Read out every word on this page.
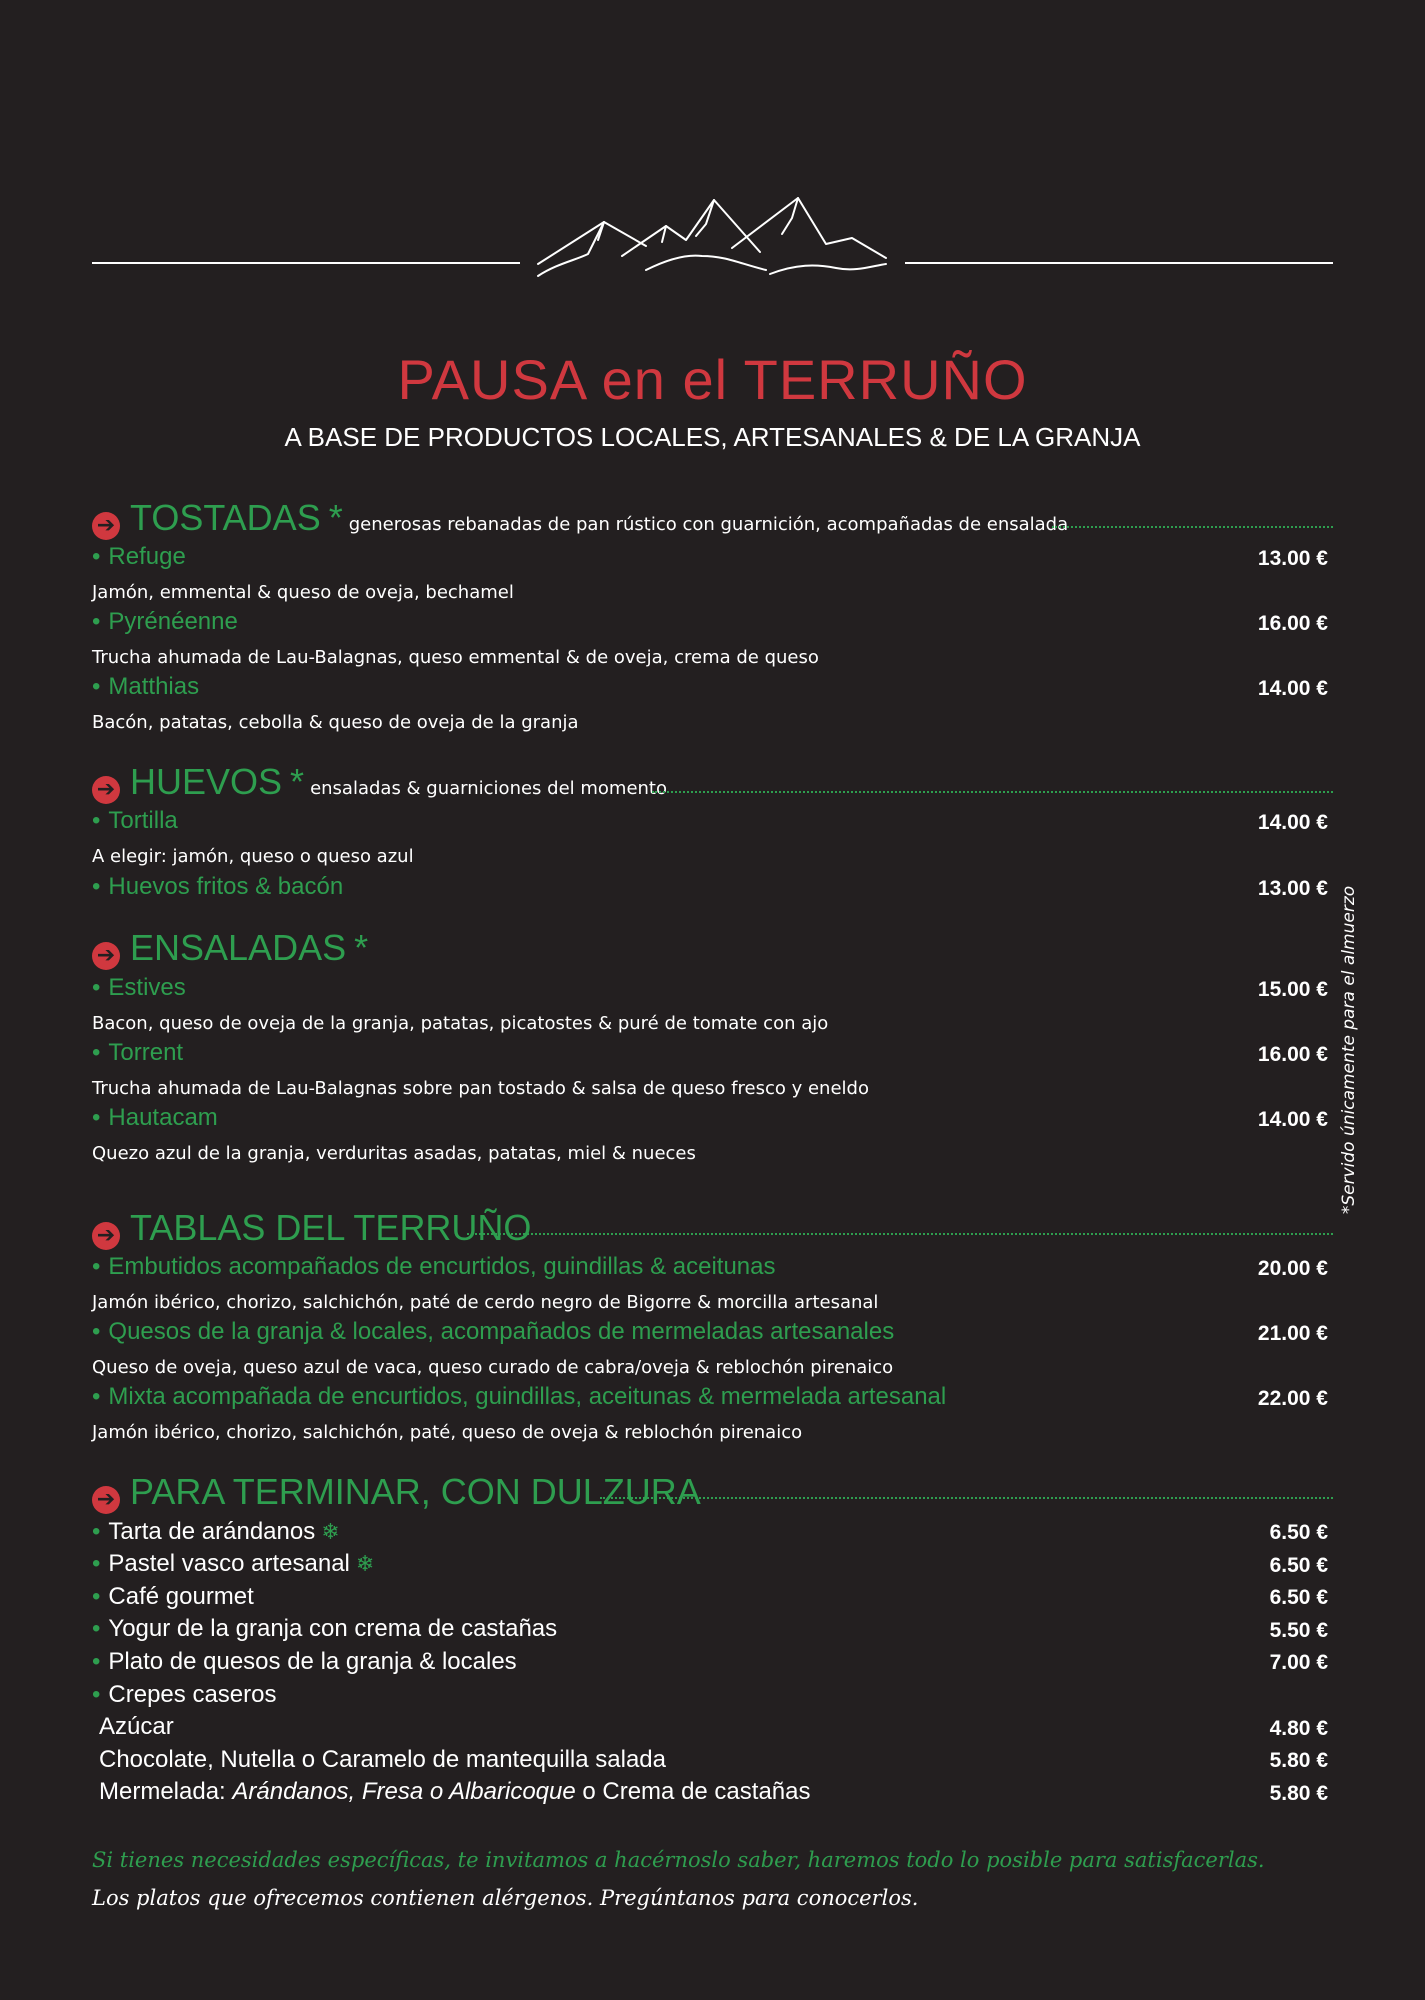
PAUSA en el TERRUÑO
A BASE DE PRODUCTOS LOCALES, ARTESANALES & DE LA GRANJA
➔ TOSTADAS * generosas rebanadas de pan rústico con guarnición, acompañadas de ensalada
• Refuge	13.00 €
Jamón, emmental & queso de oveja, bechamel
• Pyrénéenne	16.00 €
Trucha ahumada de Lau-Balagnas, queso emmental & de oveja, crema de queso
• Matthias	14.00 €
Bacón, patatas, cebolla & queso de oveja de la granja
➔ HUEVOS * ensaladas & guarniciones del momento
• Tortilla	14.00 €
A elegir: jamón, queso o queso azul
• Huevos fritos & bacón	13.00 €
➔ ENSALADAS *
• Estives	15.00 €
Bacon, queso de oveja de la granja, patatas, picatostes & puré de tomate con ajo
• Torrent	16.00 €
Trucha ahumada de Lau-Balagnas sobre pan tostado & salsa de queso fresco y eneldo
• Hautacam	14.00 €
Quezo azul de la granja, verduritas asadas, patatas, miel & nueces	*Servido únicamente para el almuerzo
➔ TABLAS DEL TERRUÑO
• Embutidos acompañados de encurtidos, guindillas & aceitunas	20.00 €
Jamón ibérico, chorizo, salchichón, paté de cerdo negro de Bigorre & morcilla artesanal
• Quesos de la granja & locales, acompañados de mermeladas artesanales	21.00 €
Queso de oveja, queso azul de vaca, queso curado de cabra/oveja & reblochón pirenaico
• Mixta acompañada de encurtidos, guindillas, aceitunas & mermelada artesanal	22.00 €
Jamón ibérico, chorizo, salchichón, paté, queso de oveja & reblochón pirenaico
➔ PARA TERMINAR, CON DULZURA
• Tarta de arándanos ❄	6.50 €
• Pastel vasco artesanal ❄	6.50 €
• Café gourmet	6.50 €
• Yogur de la granja con crema de castañas	5.50 €
• Plato de quesos de la granja & locales	7.00 €
• Crepes caseros
Azúcar	4.80 €
Chocolate, Nutella o Caramelo de mantequilla salada	5.80 €
Mermelada: Arándanos, Fresa o Albaricoque o Crema de castañas	5.80 €
Si tienes necesidades específicas, te invitamos a hacérnoslo saber, haremos todo lo posible para satisfacerlas.
Los platos que ofrecemos contienen alérgenos. Pregúntanos para conocerlos.
